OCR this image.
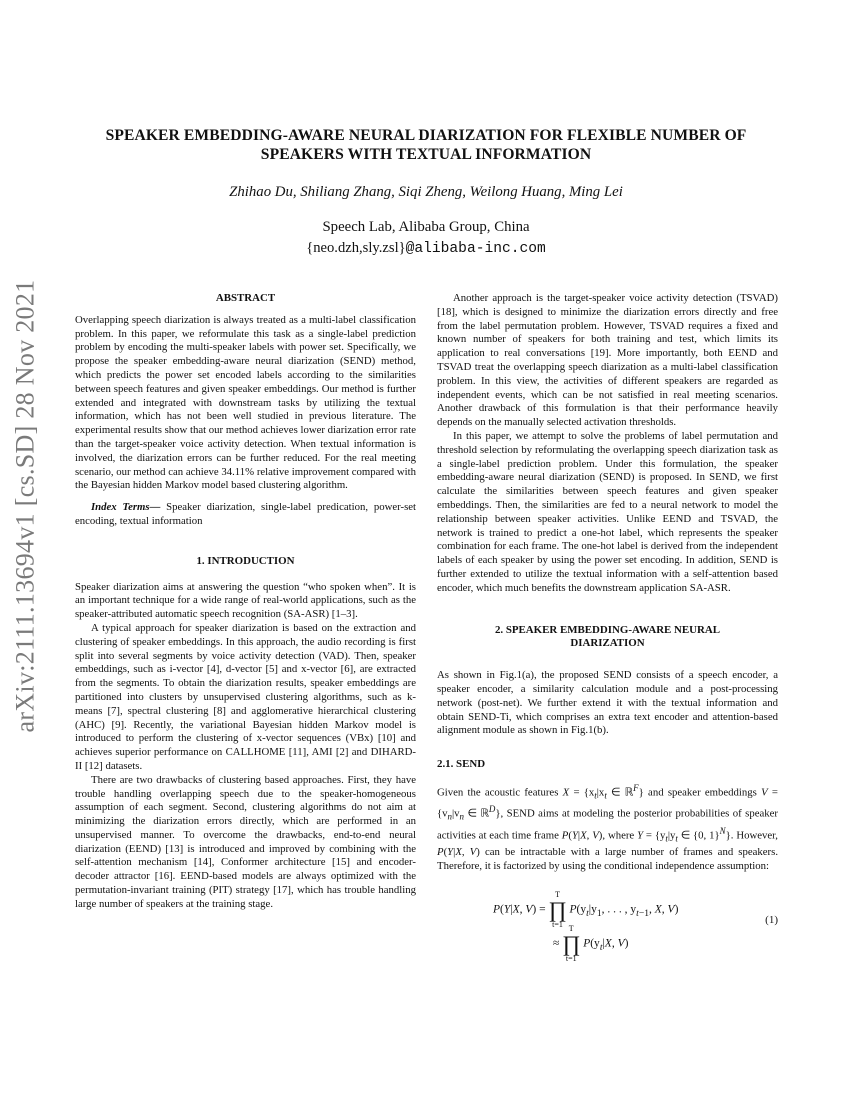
arXiv:2111.13694v1 [cs.SD] 28 Nov 2021
SPEAKER EMBEDDING-AWARE NEURAL DIARIZATION FOR FLEXIBLE NUMBER OF
SPEAKERS WITH TEXTUAL INFORMATION
Zhihao Du, Shiliang Zhang, Siqi Zheng, Weilong Huang, Ming Lei
Speech Lab, Alibaba Group, China
{neo.dzh,sly.zsl}@alibaba-inc.com
ABSTRACT

Overlapping speech diarization is always treated as a multi-label classification problem. In this paper, we reformulate this task as a single-label prediction problem by encoding the multi-speaker labels with power set. Specifically, we propose the speaker embedding-aware neural diarization (SEND) method, which predicts the power set encoded labels according to the similarities between speech features and given speaker embeddings. Our method is further extended and integrated with downstream tasks by utilizing the textual information, which has not been well studied in previous literature. The experimental results show that our method achieves lower diarization error rate than the target-speaker voice activity detection. When textual information is involved, the diarization errors can be further reduced. For the real meeting scenario, our method can achieve 34.11% relative improvement compared with the Bayesian hidden Markov model based clustering algorithm.

Index Terms— Speaker diarization, single-label predication, power-set encoding, textual information

1. INTRODUCTION

Speaker diarization aims at answering the question “who spoken when”. It is an important technique for a wide range of real-world applications, such as the speaker-attributed automatic speech recognition (SA-ASR) [1–3].

A typical approach for speaker diarization is based on the extraction and clustering of speaker embeddings. In this approach, the audio recording is first split into several segments by voice activity detection (VAD). Then, speaker embeddings, such as i-vector [4], d-vector [5] and x-vector [6], are extracted from the segments. To obtain the diarization results, speaker embeddings are partitioned into clusters by unsupervised clustering algorithms, such as k-means [7], spectral clustering [8] and agglomerative hierarchical clustering (AHC) [9]. Recently, the variational Bayesian hidden Markov model is introduced to perform the clustering of x-vector sequences (VBx) [10] and achieves superior performance on CALLHOME [11], AMI [2] and DIHARD-II [12] datasets.

There are two drawbacks of clustering based approaches. First, they have trouble handling overlapping speech due to the speaker-homogeneous assumption of each segment. Second, clustering algorithms do not aim at minimizing the diarization errors directly, which are performed in an unsupervised manner. To overcome the drawbacks, end-to-end neural diarization (EEND) [13] is introduced and improved by combining with the self-attention mechanism [14], Conformer architecture [15] and encoder-decoder attractor [16]. EEND-based models are always optimized with the permutation-invariant training (PIT) strategy [17], which has trouble handling large number of speakers at the training stage.

Another approach is the target-speaker voice activity detection (TSVAD) [18], which is designed to minimize the diarization errors directly and free from the label permutation problem. However, TSVAD requires a fixed and known number of speakers for both training and test, which limits its application to real conversations [19]. More importantly, both EEND and TSVAD treat the overlapping speech diarization as a multi-label classification problem. In this view, the activities of different speakers are regarded as independent events, which can be not satisfied in real meeting scenarios. Another drawback of this formulation is that their performance heavily depends on the manually selected activation thresholds.

In this paper, we attempt to solve the problems of label permutation and threshold selection by reformulating the overlapping speech diarization task as a single-label prediction problem. Under this formulation, the speaker embedding-aware neural diarization (SEND) is proposed. In SEND, we first calculate the similarities between speech features and given speaker embeddings. Then, the similarities are fed to a neural network to model the relationship between speaker activities. Unlike EEND and TSVAD, the network is trained to predict a one-hot label, which represents the speaker combination for each frame. The one-hot label is derived from the independent labels of each speaker by using the power set encoding. In addition, SEND is further extended to utilize the textual information with a self-attention based encoder, which much benefits the downstream application SA-ASR.

2. SPEAKER EMBEDDING-AWARE NEURAL
DIARIZATION

As shown in Fig.1(a), the proposed SEND consists of a speech encoder, a speaker encoder, a similarity calculation module and a post-processing network (post-net). We further extend it with the textual information and obtain SEND-Ti, which comprises an extra text encoder and attention-based alignment module as shown in Fig.1(b).

2.1. SEND

Given the acoustic features $X = \{x_t|x_t$ ∈ ℝ$^F$} and speaker embeddings $V = \{v_n|v_n$ ∈ ℝ$^D$}, SEND aims at modeling the posterior probabilities of speaker activities at each time frame P(Y|X, V), where $Y = \{y_t|y_t$ ∈ {0, 1}$^N$}. However, P(Y|X, V) can be intractable with a large number of frames and speakers. Therefore, it is factorized by using the conditional independence assumption:

P(Y|X, V) = T
∏
t=1 $P(y_t|y_1$, . . . , $y_{t-1}$, X, V)
≈ T
∏
t=1 $P(y_t|X$, V)
(1)
